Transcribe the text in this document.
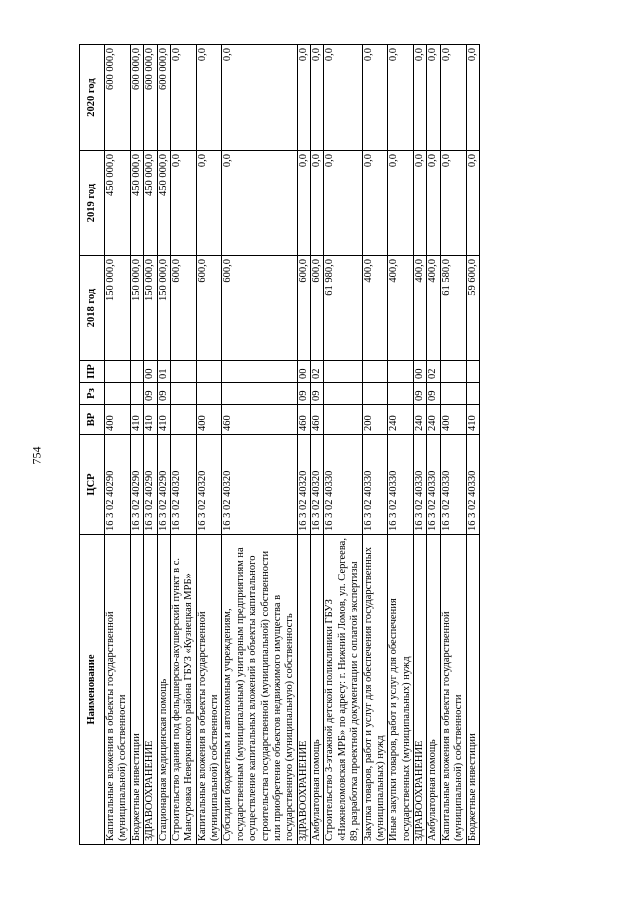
754
Наименование	ЦСР	ВР	Рз	ПР	2018 год	2019 год	2020 год
Капитальные вложения в объекты государственной (муниципальной) собственности	16 3 02 40290	400			150 000,0	450 000,0	600 000,0
Бюджетные инвестиции	16 3 02 40290	410			150 000,0	450 000,0	600 000,0
ЗДРАВООХРАНЕНИЕ	16 3 02 40290	410	09	00	150 000,0	450 000,0	600 000,0
Стационарная медицинская помощь	16 3 02 40290	410	09	01	150 000,0	450 000,0	600 000,0
Строительство здания под фельдшерско-акушерский пункт в с. Мансуровка Неверкинского района ГБУЗ «Кузнецкая МРБ»	16 3 02 40320				600,0	0,0	0,0
Капитальные вложения в объекты государственной (муниципальной) собственности	16 3 02 40320	400			600,0	0,0	0,0
Субсидии бюджетным и автономным учреждениям, государственным (муниципальным) унитарным предприятиям на осуществление капитальных вложений в объекты капитального строительства государственной (муниципальной) собственности или приобретение объектов недвижимого имущества в государственную (муниципальную) собственность	16 3 02 40320	460			600,0	0,0	0,0
ЗДРАВООХРАНЕНИЕ	16 3 02 40320	460	09	00	600,0	0,0	0,0
Амбулаторная помощь	16 3 02 40320	460	09	02	600,0	0,0	0,0
Строительство 3-этажной детской поликлиники ГБУЗ «Нижнеломовская МРБ» по адресу: г. Нижний Ломов, ул. Сергеева, 89, разработка проектной документации с оплатой экспертизы	16 3 02 40330				61 980,0	0,0	0,0
Закупка товаров, работ и услуг для обеспечения государственных (муниципальных) нужд	16 3 02 40330	200			400,0	0,0	0,0
Иные закупки товаров, работ и услуг для обеспечения государственных (муниципальных) нужд	16 3 02 40330	240			400,0	0,0	0,0
ЗДРАВООХРАНЕНИЕ	16 3 02 40330	240	09	00	400,0	0,0	0,0
Амбулаторная помощь	16 3 02 40330	240	09	02	400,0	0,0	0,0
Капитальные вложения в объекты государственной (муниципальной) собственности	16 3 02 40330	400			61 580,0	0,0	0,0
Бюджетные инвестиции	16 3 02 40330	410			59 600,0	0,0	0,0
